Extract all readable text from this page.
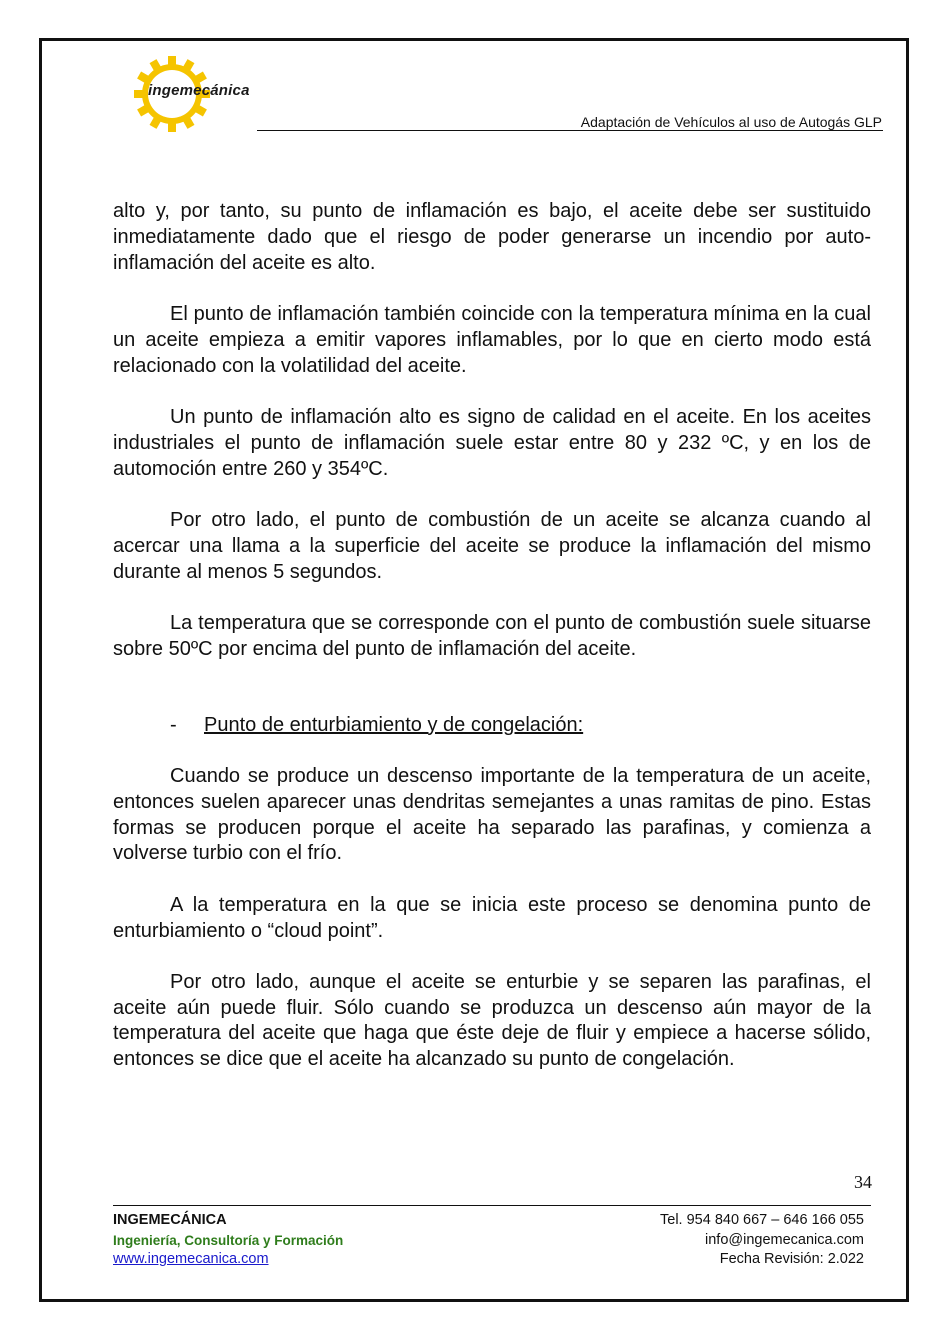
ingemecánica
Adaptación de Vehículos al uso de Autogás GLP

alto y, por tanto, su punto de inflamación es bajo, el aceite debe ser sustituido inmediatamente dado que el riesgo de poder generarse un incendio por auto-inflamación del aceite es alto.

El punto de inflamación también coincide con la temperatura mínima en la cual un aceite empieza a emitir vapores inflamables, por lo que en cierto modo está relacionado con la volatilidad del aceite.

Un punto de inflamación alto es signo de calidad en el aceite. En los aceites industriales el punto de inflamación suele estar entre 80 y 232 ºC, y en los de automoción entre 260 y 354ºC.

Por otro lado, el punto de combustión de un aceite se alcanza cuando al acercar una llama a la superficie del aceite se produce la inflamación del mismo durante al menos 5 segundos.

La temperatura que se corresponde con el punto de combustión suele situarse sobre 50ºC por encima del punto de inflamación del aceite.

- Punto de enturbiamiento y de congelación:

Cuando se produce un descenso importante de la temperatura de un aceite, entonces suelen aparecer unas dendritas semejantes a unas ramitas de pino. Estas formas se producen porque el aceite ha separado las parafinas, y comienza a volverse turbio con el frío.

A la temperatura en la que se inicia este proceso se denomina punto de enturbiamiento o “cloud point”.

Por otro lado, aunque el aceite se enturbie y se separen las parafinas, el aceite aún puede fluir. Sólo cuando se produzca un descenso aún mayor de la temperatura del aceite que haga que éste deje de fluir y empiece a hacerse sólido, entonces se dice que el aceite ha alcanzado su punto de congelación.

34
INGEMECÁNICA
Ingeniería, Consultoría y Formación
www.ingemecanica.com
Tel. 954 840 667 – 646 166 055
info@ingemecanica.com
Fecha Revisión: 2.022
